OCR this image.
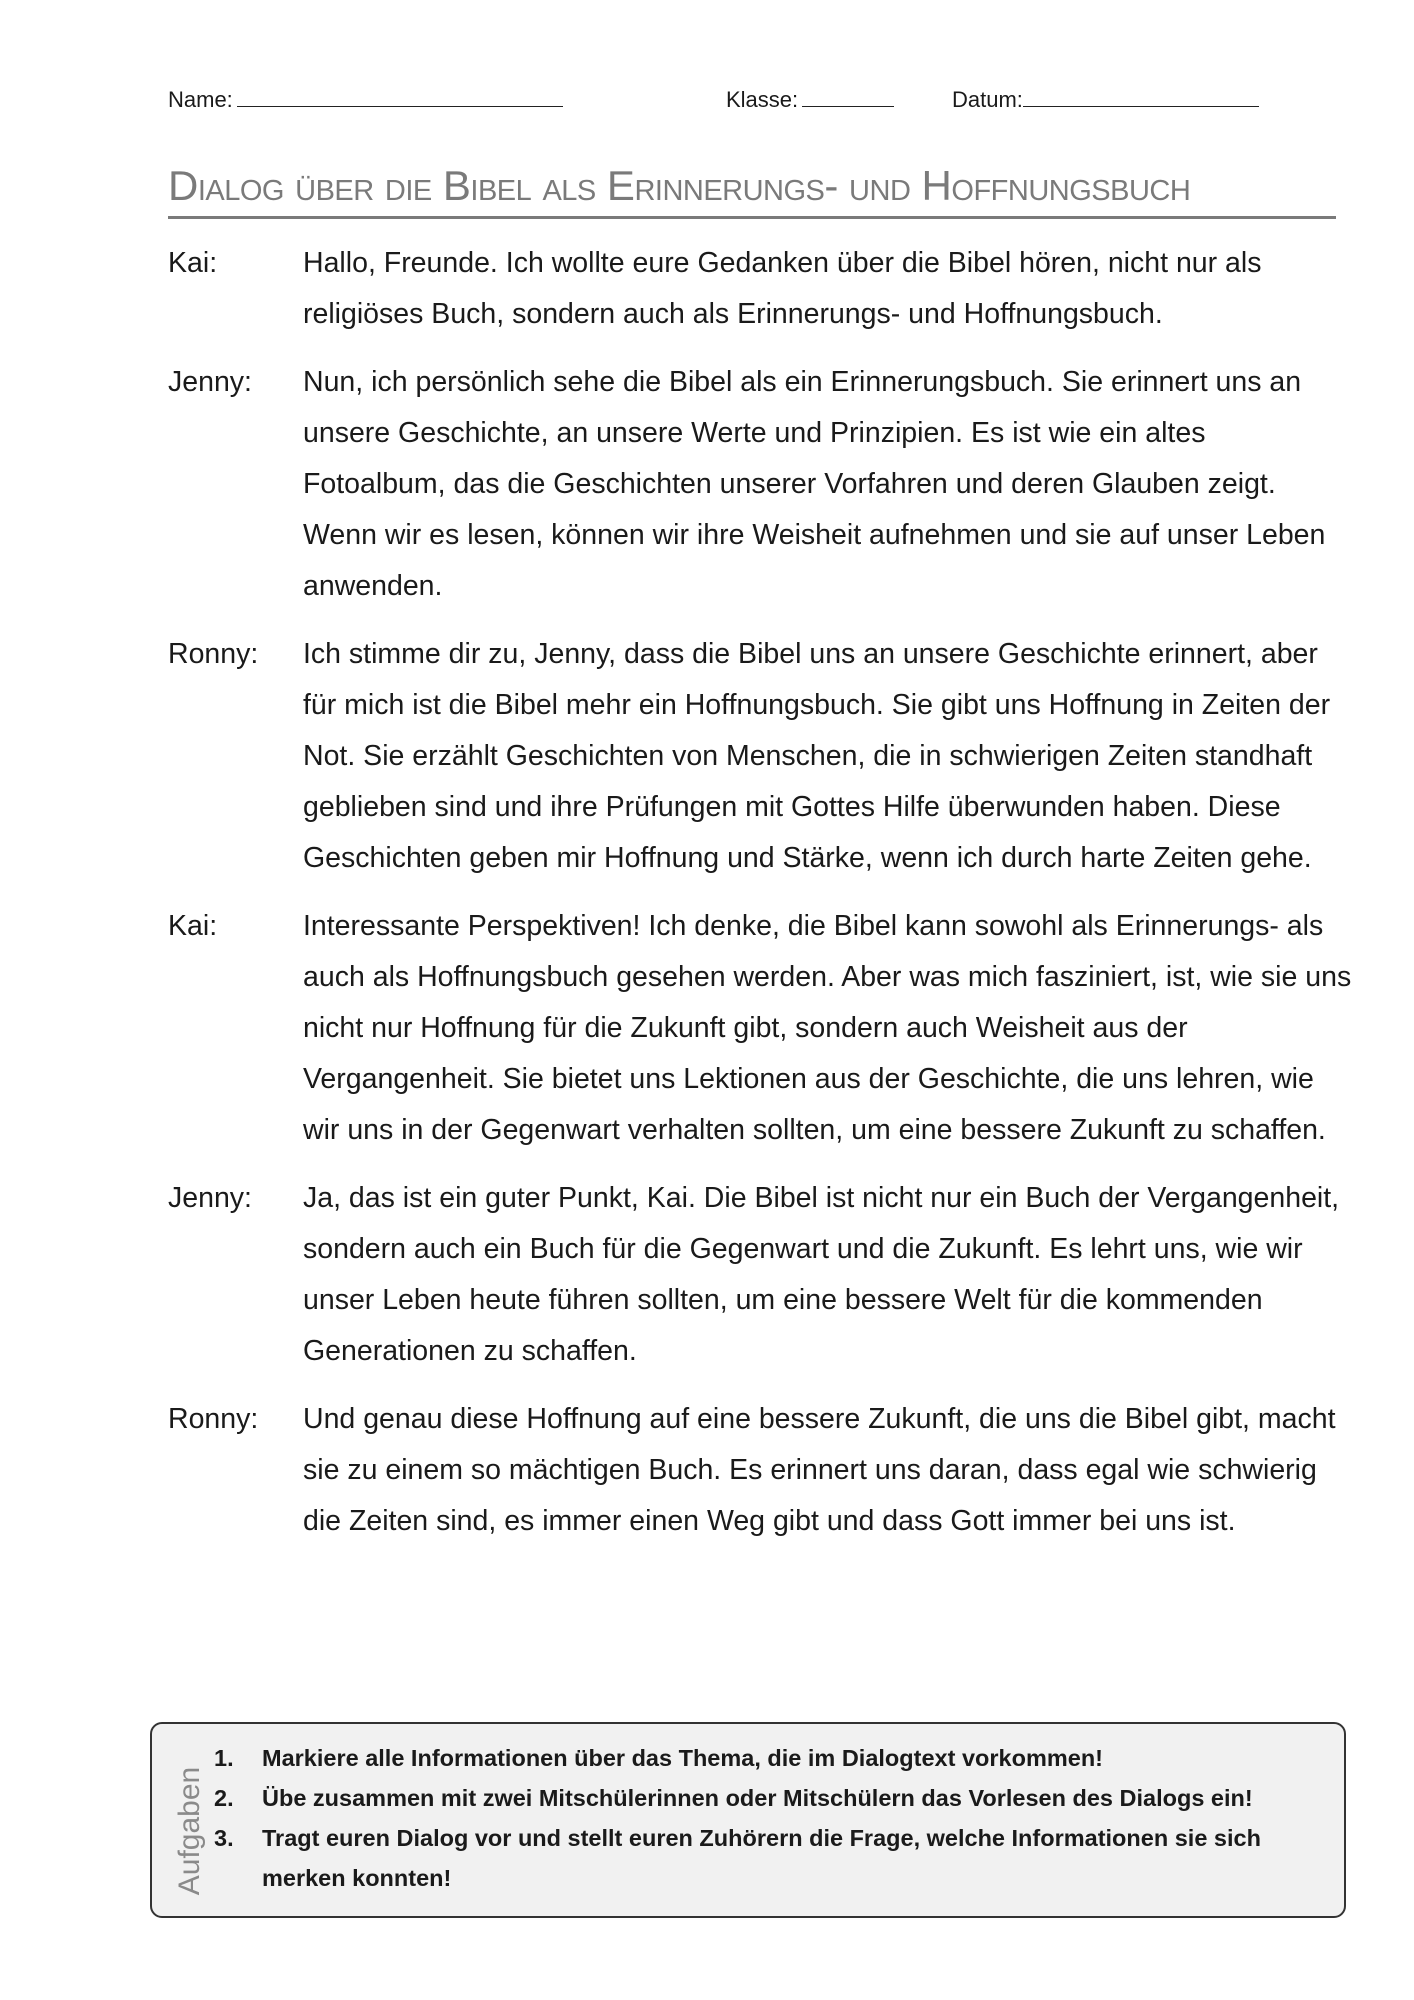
Name:	Klasse:	Datum:
Dialog über die Bibel als Erinnerungs- und Hoffnungsbuch
Kai:	Hallo, Freunde. Ich wollte eure Gedanken über die Bibel hören, nicht nur als religiöses Buch, sondern auch als Erinnerungs- und Hoffnungsbuch.
Jenny:	Nun, ich persönlich sehe die Bibel als ein Erinnerungsbuch. Sie erinnert uns an unsere Geschichte, an unsere Werte und Prinzipien. Es ist wie ein altes Fotoalbum, das die Geschichten unserer Vorfahren und deren Glauben zeigt. Wenn wir es lesen, können wir ihre Weisheit aufnehmen und sie auf unser Leben anwenden.
Ronny:	Ich stimme dir zu, Jenny, dass die Bibel uns an unsere Geschichte erinnert, aber für mich ist die Bibel mehr ein Hoffnungsbuch. Sie gibt uns Hoffnung in Zeiten der Not. Sie erzählt Geschichten von Menschen, die in schwierigen Zeiten standhaft geblieben sind und ihre Prüfungen mit Gottes Hilfe überwunden haben. Diese Geschichten geben mir Hoffnung und Stärke, wenn ich durch harte Zeiten gehe.
Kai:	Interessante Perspektiven! Ich denke, die Bibel kann sowohl als Erinnerungs- als auch als Hoffnungsbuch gesehen werden. Aber was mich fasziniert, ist, wie sie uns nicht nur Hoffnung für die Zukunft gibt, sondern auch Weisheit aus der Vergangenheit. Sie bietet uns Lektionen aus der Geschichte, die uns lehren, wie wir uns in der Gegenwart verhalten sollten, um eine bessere Zukunft zu schaffen.
Jenny:	Ja, das ist ein guter Punkt, Kai. Die Bibel ist nicht nur ein Buch der Vergangenheit, sondern auch ein Buch für die Gegenwart und die Zukunft. Es lehrt uns, wie wir unser Leben heute führen sollten, um eine bessere Welt für die kommenden Generationen zu schaffen.
Ronny:	Und genau diese Hoffnung auf eine bessere Zukunft, die uns die Bibel gibt, macht sie zu einem so mächtigen Buch. Es erinnert uns daran, dass egal wie schwierig die Zeiten sind, es immer einen Weg gibt und dass Gott immer bei uns ist.
Aufgaben
1.	Markiere alle Informationen über das Thema, die im Dialogtext vorkommen!
2.	Übe zusammen mit zwei Mitschülerinnen oder Mitschülern das Vorlesen des Dialogs ein!
3.	Tragt euren Dialog vor und stellt euren Zuhörern die Frage, welche Informationen sie sich merken konnten!
